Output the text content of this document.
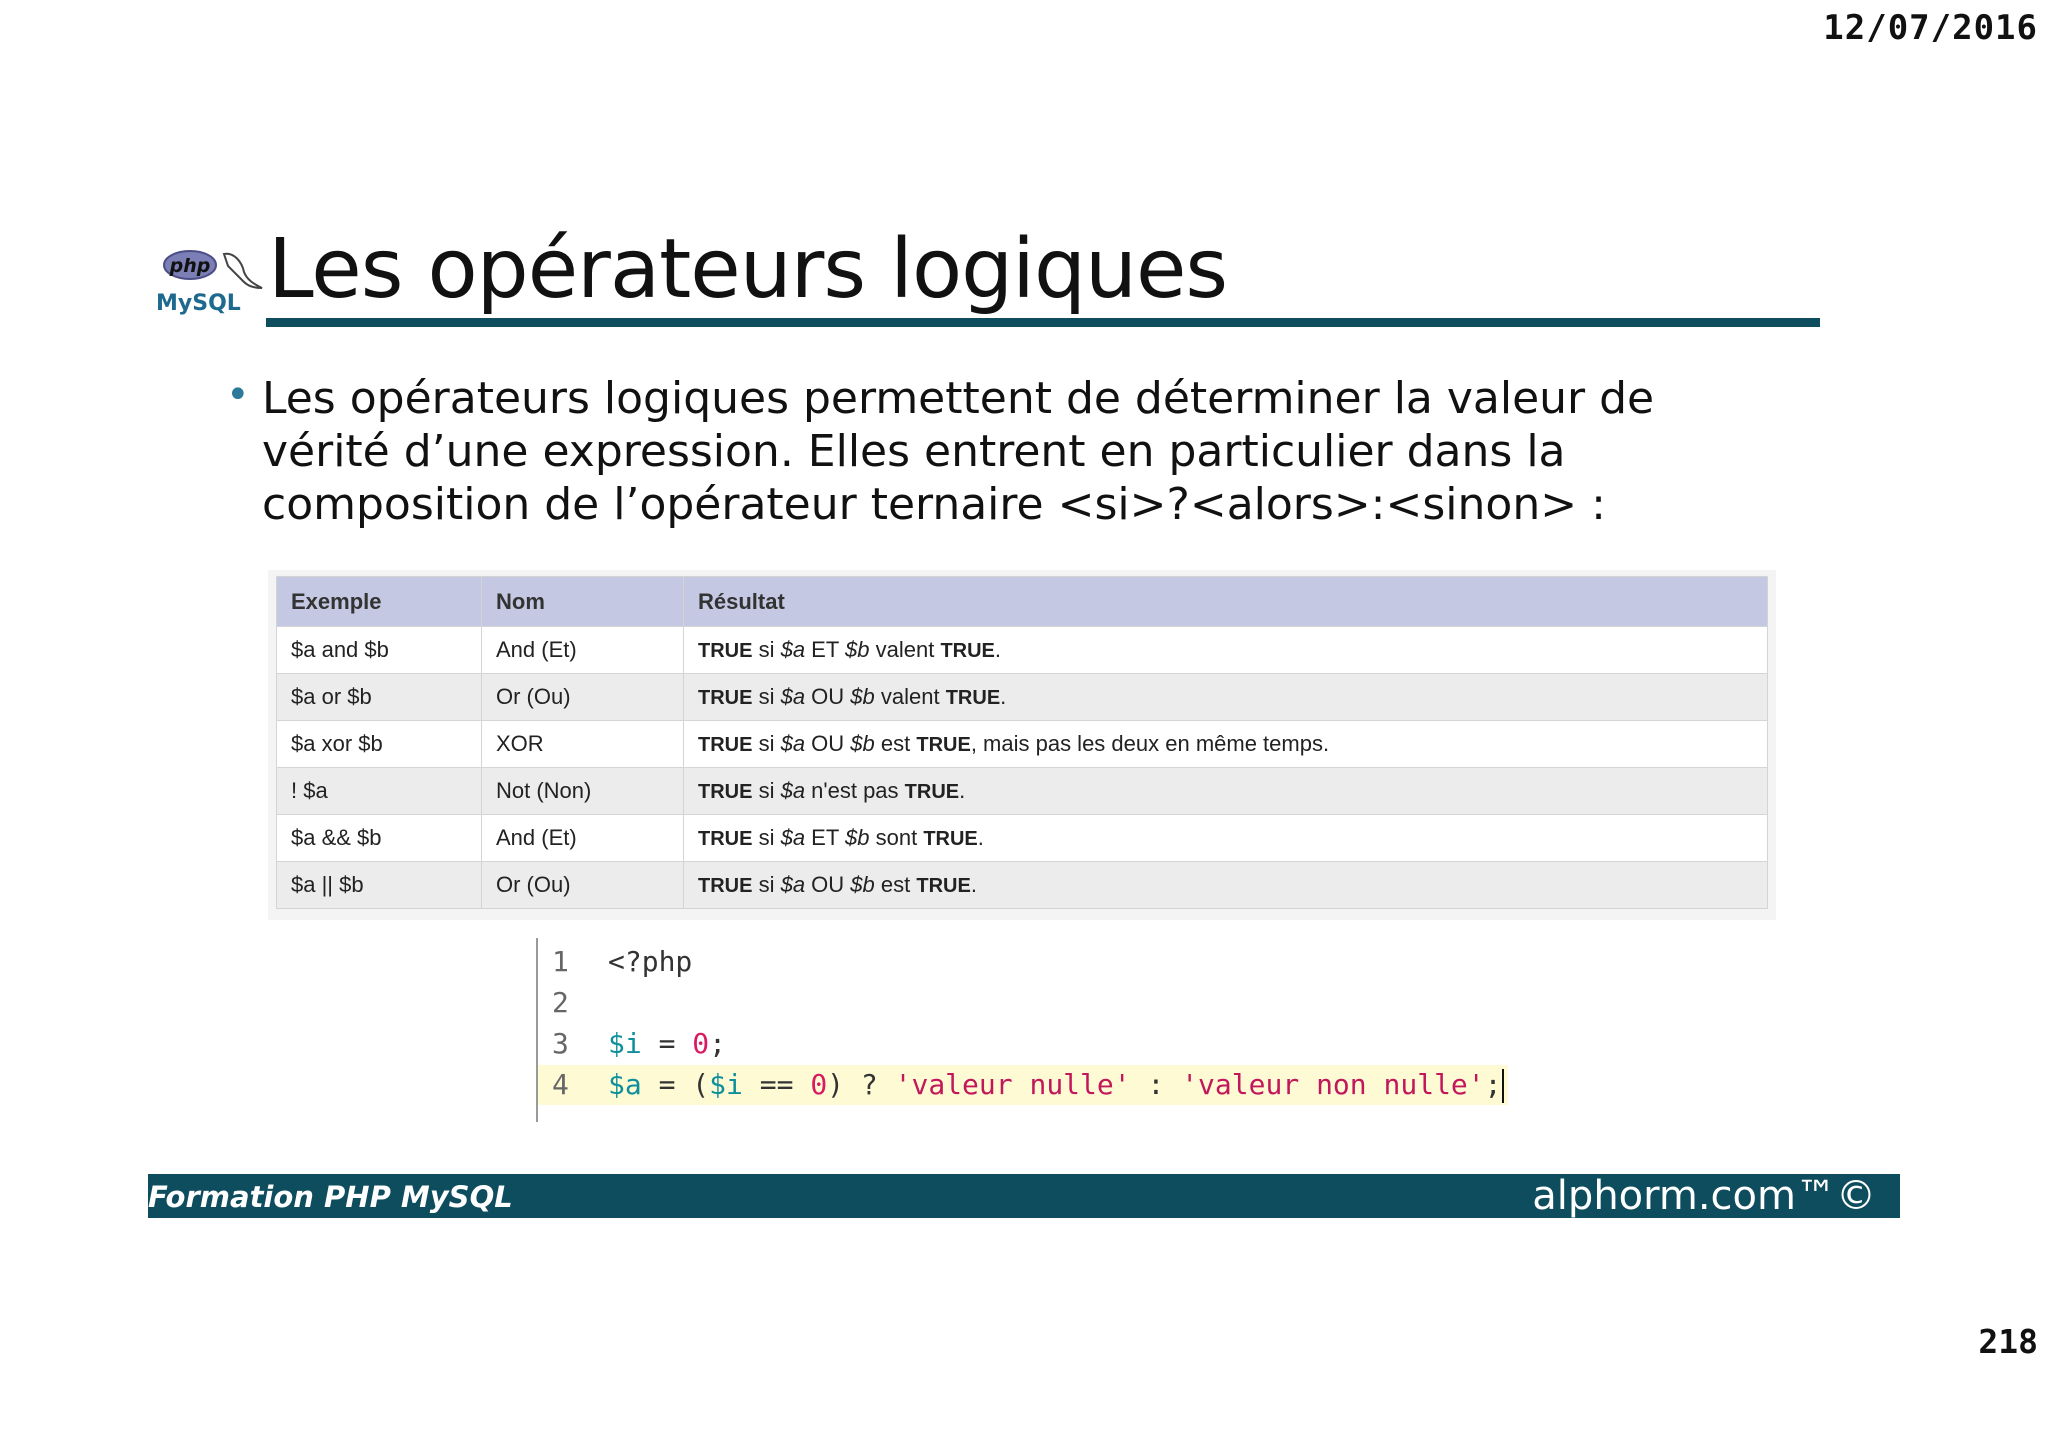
12/07/2016
php
MySQL Les opérateurs logiques
• Les opérateurs logiques permettent de déterminer la valeur de vérité d’une expression. Elles entrent en particulier dans la composition de l’opérateur ternaire <si>?<alors>:<sinon> :
Exemple	Nom	Résultat
$a and $b	And (Et)	TRUE si $a ET $b valent TRUE.
$a or $b	Or (Ou)	TRUE si $a OU $b valent TRUE.
$a xor $b	XOR	TRUE si $a OU $b est TRUE, mais pas les deux en même temps.
! $a	Not (Non)	TRUE si $a n'est pas TRUE.
$a && $b	And (Et)	TRUE si $a ET $b sont TRUE.
$a || $b	Or (Ou)	TRUE si $a OU $b est TRUE.
1 <?php
2
3 $i = 0;
4 $a = ($i == 0) ? 'valeur nulle' : 'valeur non nulle';
Formation PHP MySQL	alphorm.com™©
218
